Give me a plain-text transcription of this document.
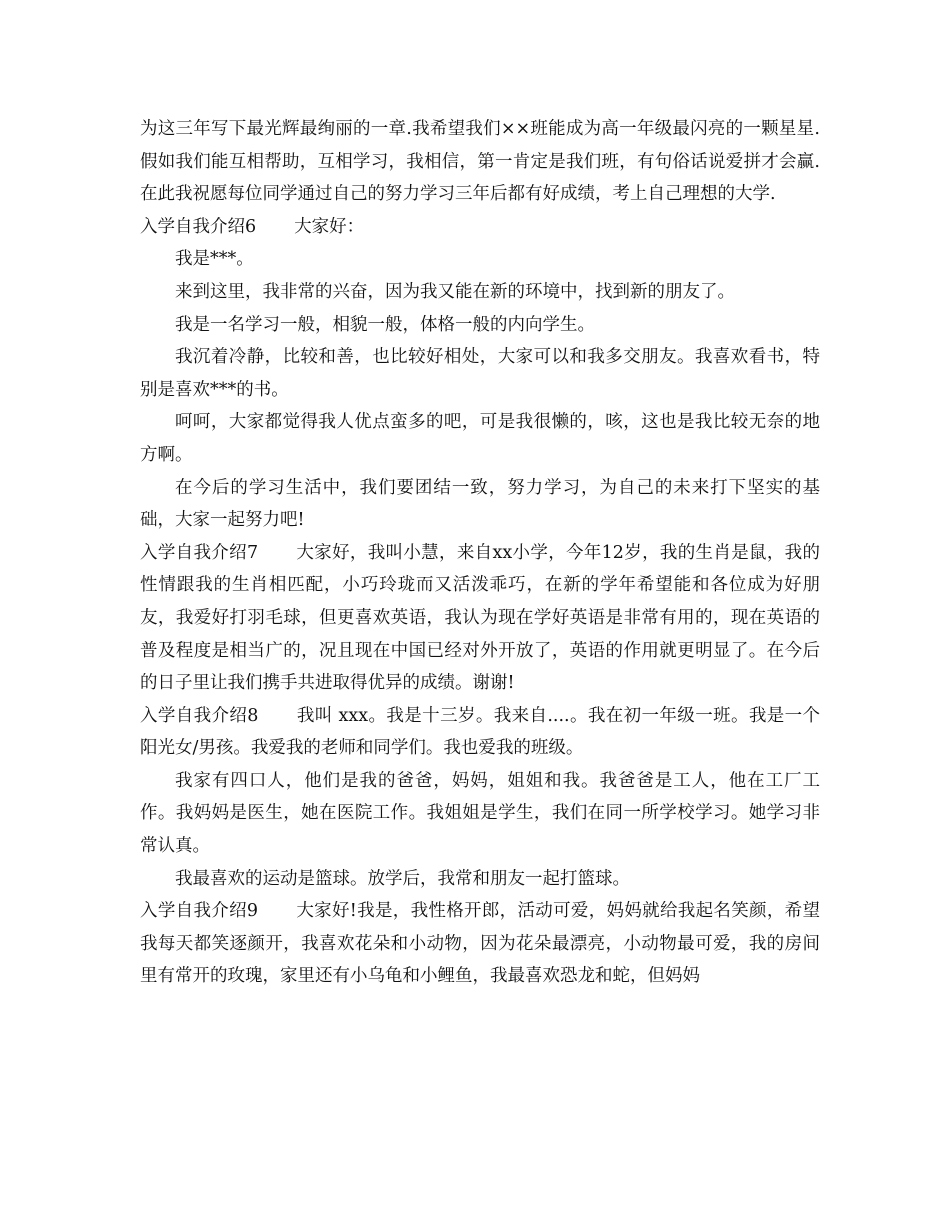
为这三年写下最光辉最绚丽的一章.我希望我们××班能成为高一年级最闪亮的一颗星星.假如我们能互相帮助，互相学习，我相信，第一肯定是我们班，有句俗话说爱拼才会赢.在此我祝愿每位同学通过自己的努力学习三年后都有好成绩，考上自己理想的大学.

入学自我介绍6 大家好：

我是***。

来到这里，我非常的兴奋，因为我又能在新的环境中，找到新的朋友了。

我是一名学习一般，相貌一般，体格一般的内向学生。

我沉着冷静，比较和善，也比较好相处，大家可以和我多交朋友。我喜欢看书，特别是喜欢***的书。

呵呵，大家都觉得我人优点蛮多的吧，可是我很懒的，咳，这也是我比较无奈的地方啊。

在今后的学习生活中，我们要团结一致，努力学习，为自己的未来打下坚实的基础，大家一起努力吧!

入学自我介绍7 大家好，我叫小慧，来自xx小学，今年12岁，我的生肖是鼠，我的性情跟我的生肖相匹配，小巧玲珑而又活泼乖巧，在新的学年希望能和各位成为好朋友，我爱好打羽毛球，但更喜欢英语，我认为现在学好英语是非常有用的，现在英语的普及程度是相当广的，况且现在中国已经对外开放了，英语的作用就更明显了。在今后的日子里让我们携手共进取得优异的成绩。谢谢!

入学自我介绍8 我叫 xxx。我是十三岁。我来自....。我在初一年级一班。我是一个阳光女/男孩。我爱我的老师和同学们。我也爱我的班级。

我家有四口人，他们是我的爸爸，妈妈，姐姐和我。我爸爸是工人，他在工厂工作。我妈妈是医生，她在医院工作。我姐姐是学生，我们在同一所学校学习。她学习非常认真。

我最喜欢的运动是篮球。放学后，我常和朋友一起打篮球。

入学自我介绍9 大家好!我是，我性格开郎，活动可爱，妈妈就给我起名笑颜，希望我每天都笑逐颜开，我喜欢花朵和小动物，因为花朵最漂亮，小动物最可爱，我的房间里有常开的玫瑰，家里还有小乌龟和小鲤鱼，我最喜欢恐龙和蛇，但妈妈
